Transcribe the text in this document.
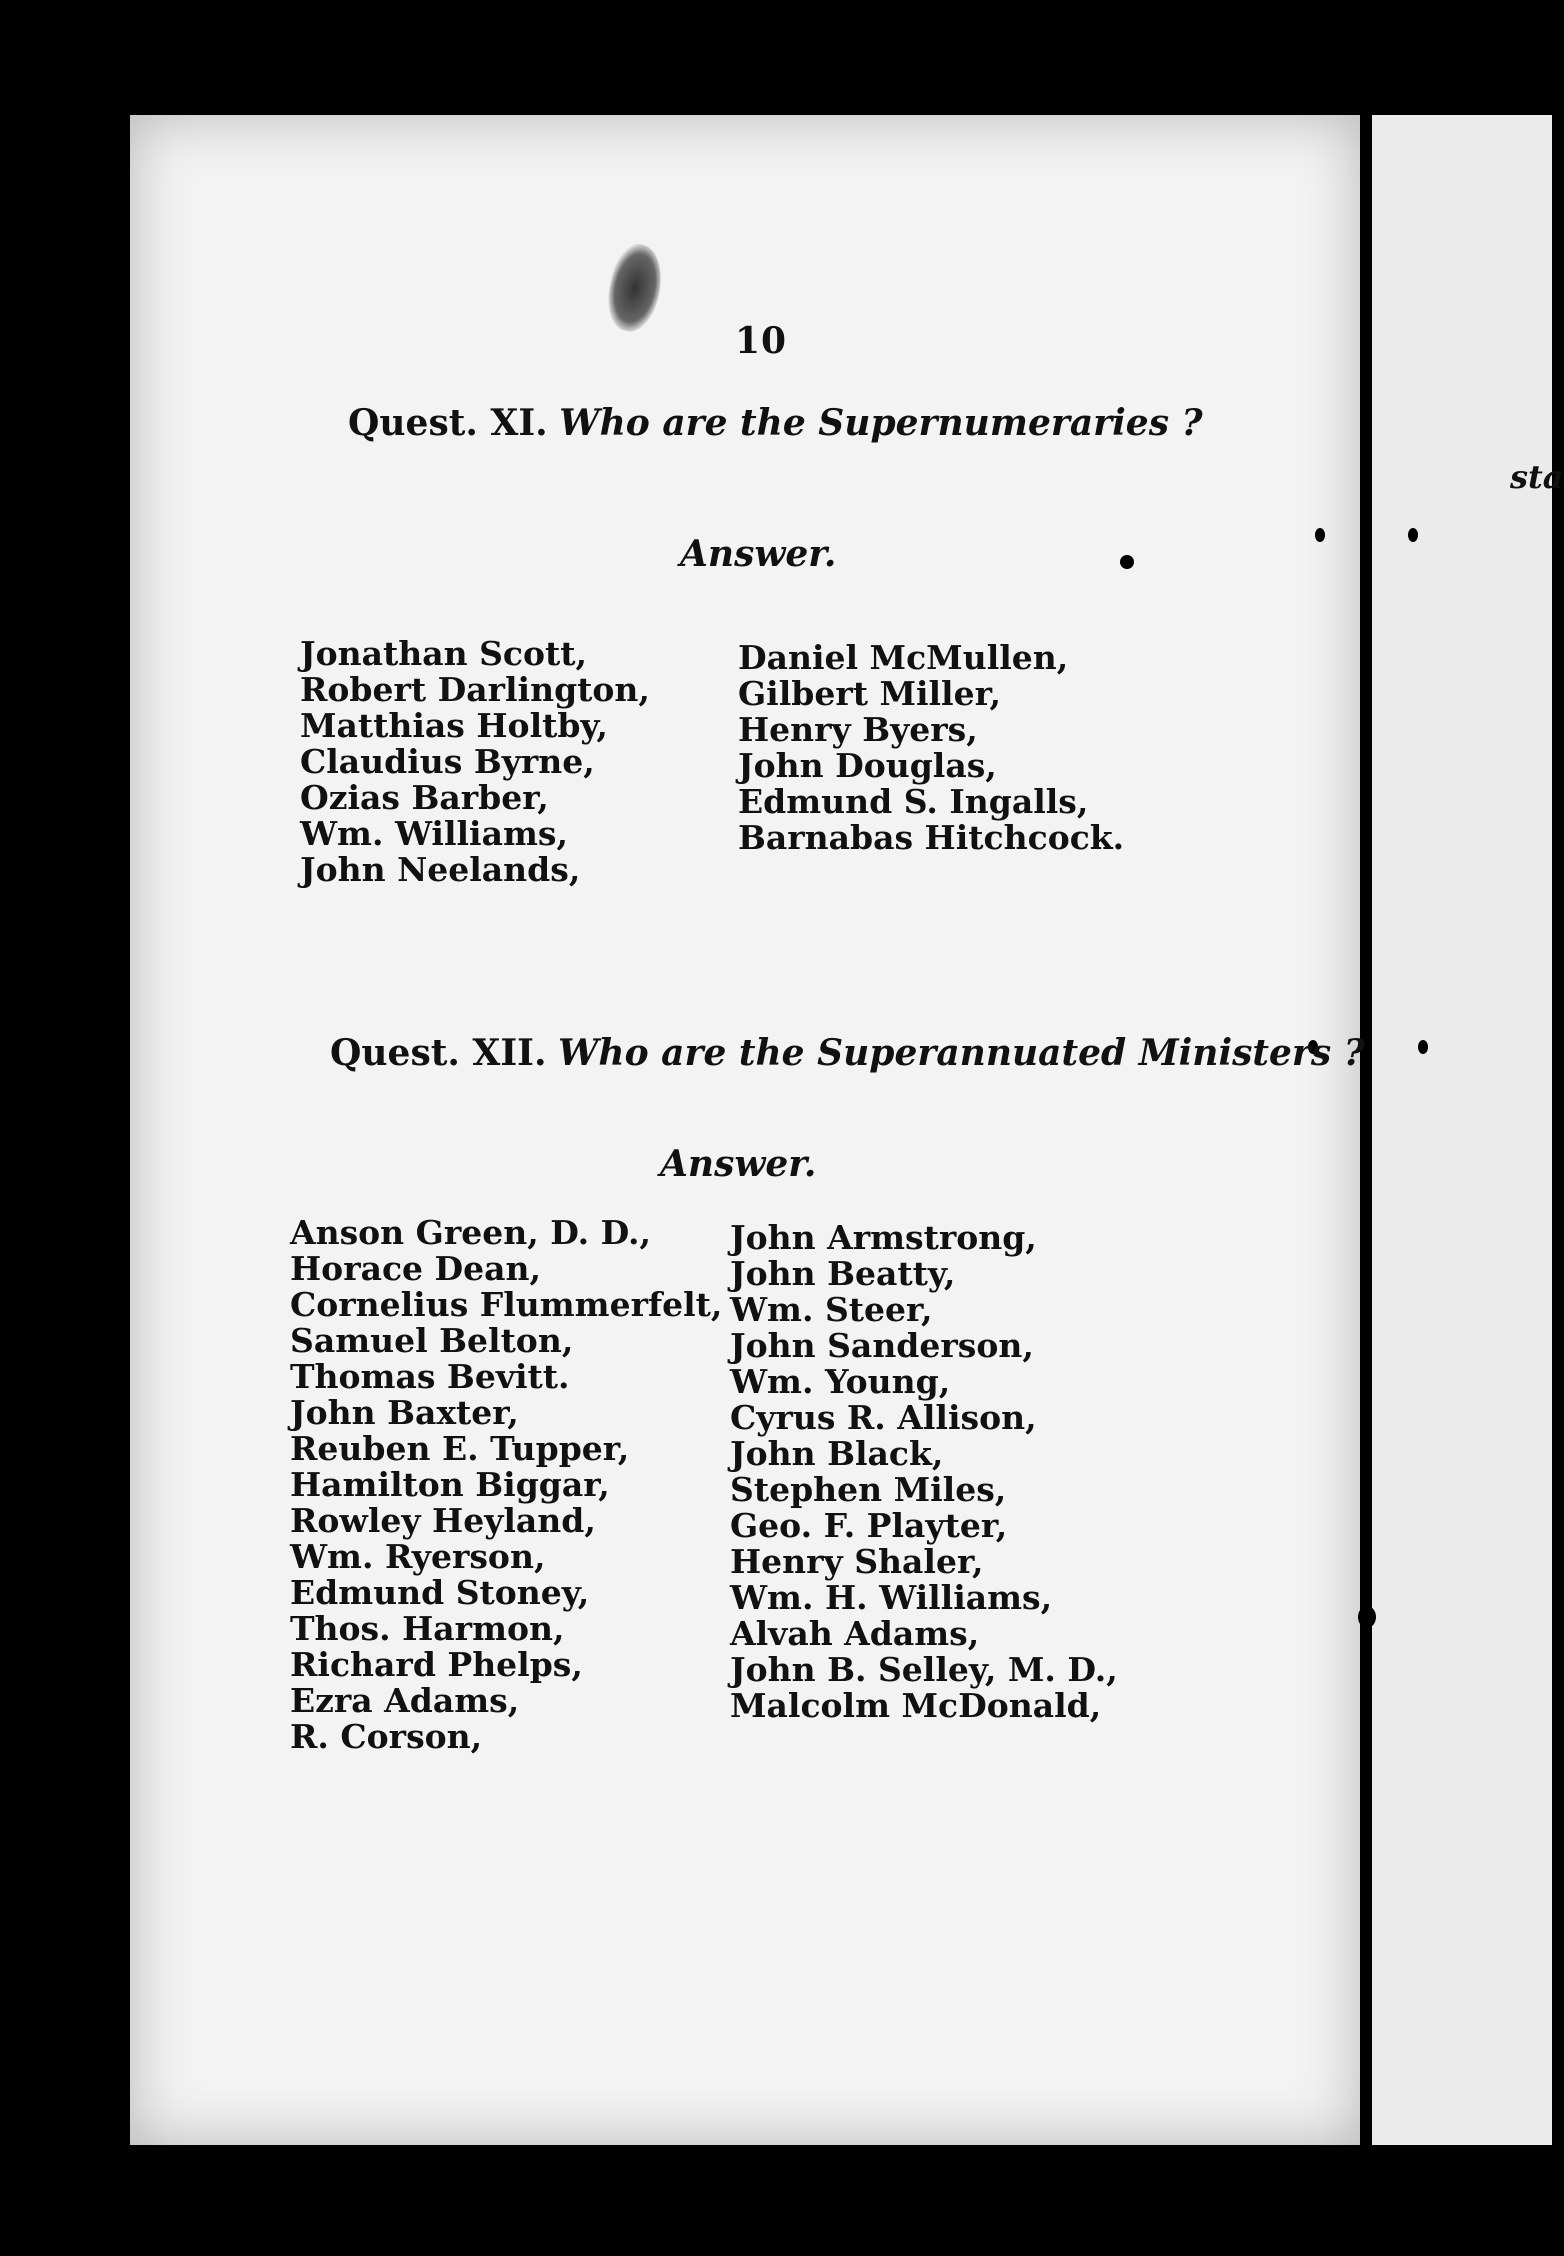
sta
10
Quest. XI. Who are the Supernumeraries ?
Answer.
Jonathan Scott,
Robert Darlington,
Matthias Holtby,
Claudius Byrne,
Ozias Barber,
Wm. Williams,
John Neelands,
Daniel McMullen,
Gilbert Miller,
Henry Byers,
John Douglas,
Edmund S. Ingalls,
Barnabas Hitchcock.
Quest. XII. Who are the Superannuated Ministers ?
Answer.
Anson Green, D. D.,
Horace Dean,
Cornelius Flummerfelt,
Samuel Belton,
Thomas Bevitt.
John Baxter,
Reuben E. Tupper,
Hamilton Biggar,
Rowley Heyland,
Wm. Ryerson,
Edmund Stoney,
Thos. Harmon,
Richard Phelps,
Ezra Adams,
R. Corson,
John Armstrong,
John Beatty,
Wm. Steer,
John Sanderson,
Wm. Young,
Cyrus R. Allison,
John Black,
Stephen Miles,
Geo. F. Playter,
Henry Shaler,
Wm. H. Williams,
Alvah Adams,
John B. Selley, M. D.,
Malcolm McDonald,
